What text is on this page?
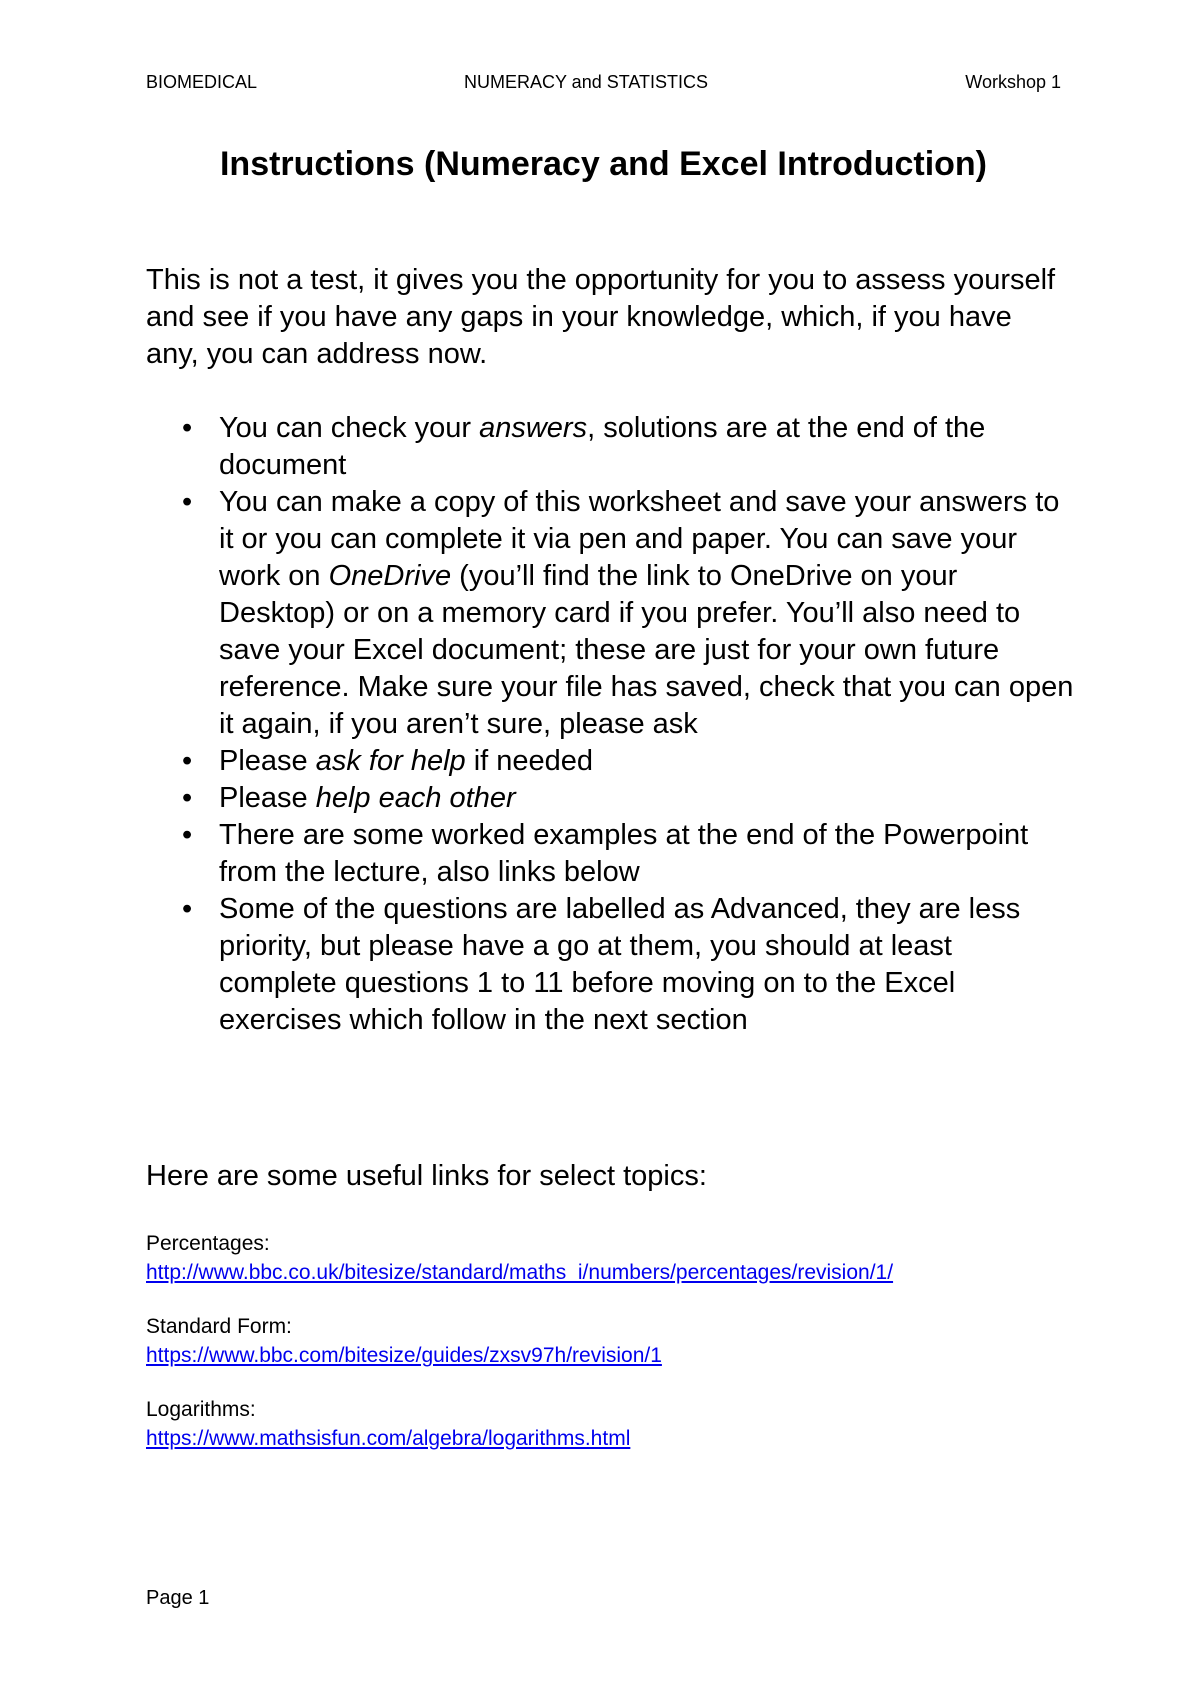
BIOMEDICAL	NUMERACY and STATISTICS	Workshop 1
Instructions (Numeracy and Excel Introduction)

This is not a test, it gives you the opportunity for you to assess yourself and see if you have any gaps in your knowledge, which, if you have any, you can address now.

• You can check your answers, solutions are at the end of the document
• You can make a copy of this worksheet and save your answers to it or you can complete it via pen and paper. You can save your work on OneDrive (you’ll find the link to OneDrive on your Desktop) or on a memory card if you prefer. You’ll also need to save your Excel document; these are just for your own future reference. Make sure your file has saved, check that you can open it again, if you aren’t sure, please ask
• Please ask for help if needed
• Please help each other
• There are some worked examples at the end of the Powerpoint from the lecture, also links below
• Some of the questions are labelled as Advanced, they are less priority, but please have a go at them, you should at least complete questions 1 to 11 before moving on to the Excel exercises which follow in the next section

Here are some useful links for select topics:

Percentages:
http://www.bbc.co.uk/bitesize/standard/maths_i/numbers/percentages/revision/1/
Standard Form:
https://www.bbc.com/bitesize/guides/zxsv97h/revision/1
Logarithms:
https://www.mathsisfun.com/algebra/logarithms.html
Page 1
